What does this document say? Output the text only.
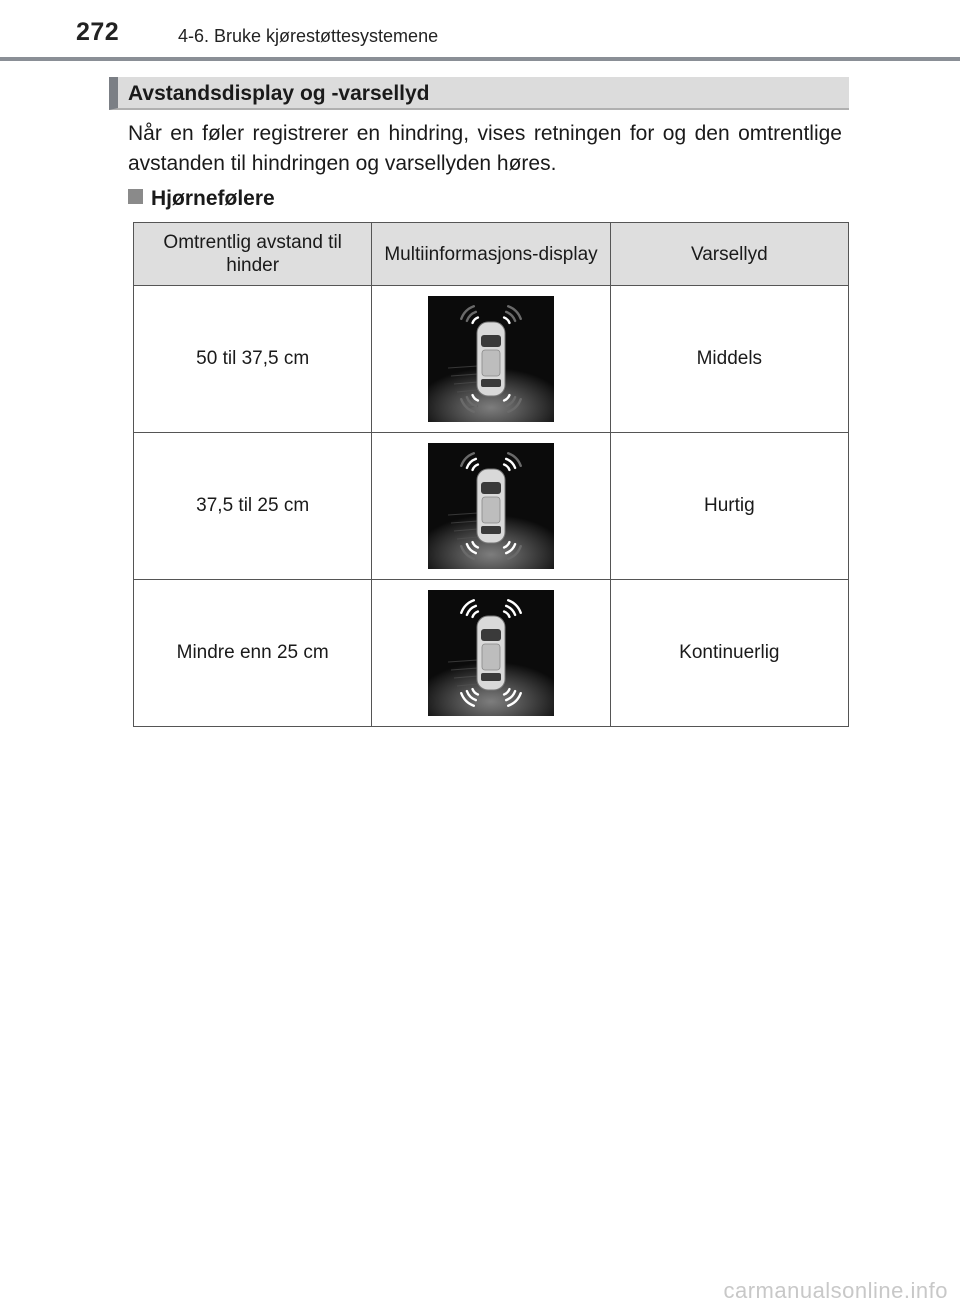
272	4-6. Bruke kjørestøttesystemene
Avstandsdisplay og -varsellyd
Når en føler registrerer en hindring, vises retningen for og den omtrentlige avstanden til hindringen og varsellyden høres.
Hjørnefølere
Omtrentlig avstand til hinder	Multiinformasjons-display	Varsellyd
50 til 37,5 cm		Middels
37,5 til 25 cm		Hurtig
Mindre enn 25 cm		Kontinuerlig
carmanualsonline.info
